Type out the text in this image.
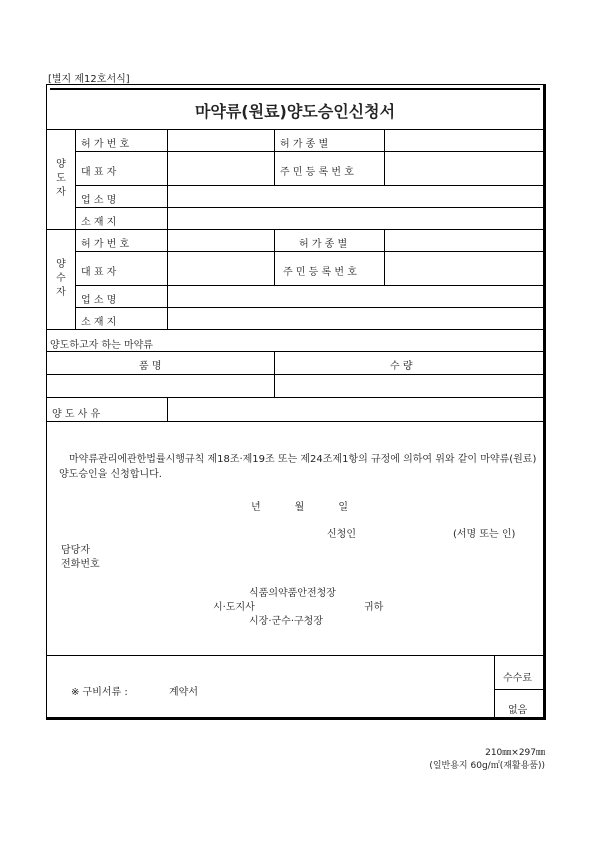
[별지 제12호서식]
마약류(원료)양도승인신청서
양
도
자
허 가 번 호	허 가 종 별
대 표 자	주 민 등 록 번 호
업 소 명
소 재 지
양
수
자
허 가 번 호	허 가 종 별
대 표 자	주 민 등 록 번 호
업 소 명
소 재 지
양도하고자 하는 마약류
품 명	수 량
양 도 사 유
마약류관리에관한법률시행규칙 제18조·제19조 또는 제24조제1항의 규정에 의하여 위와 같이 마약류(원료) 양도승인을 신청합니다.
년	월	일
신청인	(서명 또는 인)
담당자
전화번호
식품의약품안전청장
시·도지사	귀하
시장·군수·구청장
※ 구비서류 :	계약서
수수료
없음
210㎜×297㎜
(일반용지 60g/㎡(재활용품))
